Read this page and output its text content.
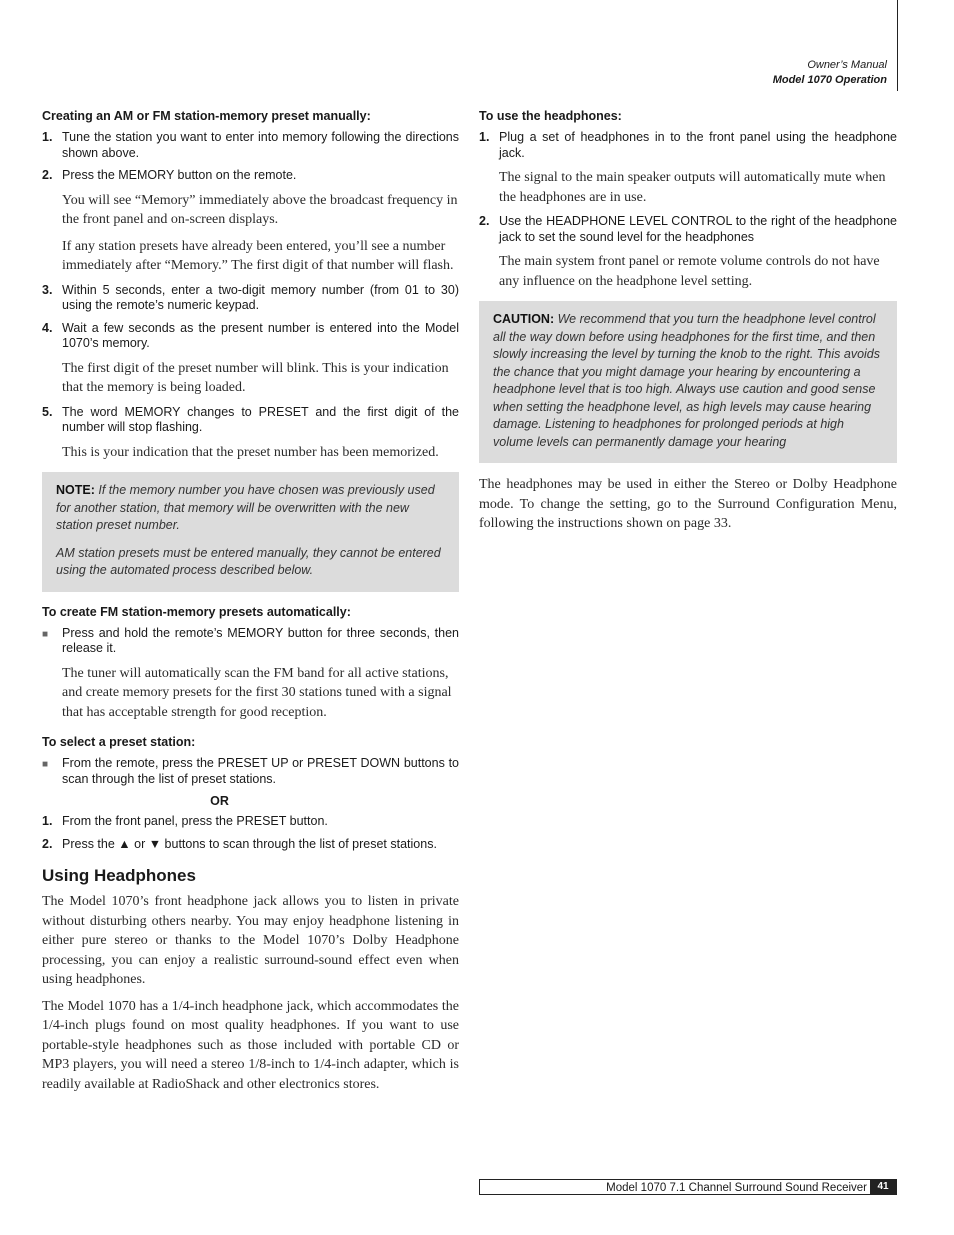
Owner’s Manual
Model 1070 Operation
Creating an AM or FM station-memory preset manually:
1. Tune the station you want to enter into memory following the directions shown above.
2. Press the MEMORY button on the remote.
You will see “Memory” immediately above the broadcast frequency in the front panel and on-screen displays.
If any station presets have already been entered, you’ll see a number immediately after “Memory.” The first digit of that number will flash.
3. Within 5 seconds, enter a two-digit memory number (from 01 to 30) using the remote’s numeric keypad.
4. Wait a few seconds as the present number is entered into the Model 1070’s memory.
The first digit of the preset number will blink. This is your indication that the memory is being loaded.
5. The word MEMORY changes to PRESET and the first digit of the number will stop flashing.
This is your indication that the preset number has been memorized.

NOTE: If the memory number you have chosen was previously used for another station, that memory will be overwritten with the new station preset number.

AM station presets must be entered manually, they cannot be entered using the automated process described below.

To create FM station-memory presets automatically:
■	Press and hold the remote’s MEMORY button for three seconds, then release it.
The tuner will automatically scan the FM band for all active stations, and create memory presets for the first 30 stations tuned with a signal that has acceptable strength for good reception.
To select a preset station:
■	From the remote, press the PRESET UP or PRESET DOWN buttons to scan through the list of preset stations.
OR
1. From the front panel, press the PRESET button.
2. Press the ▲ or ▼ buttons to scan through the list of preset stations.
Using Headphones
The Model 1070’s front headphone jack allows you to listen in private without disturbing others nearby. You may enjoy headphone listening in either pure stereo or thanks to the Model 1070’s Dolby Headphone processing, you can enjoy a realistic surround-sound effect even when using headphones.
The Model 1070 has a 1/4-inch headphone jack, which accommodates the 1/4-inch plugs found on most quality headphones. If you want to use portable-style headphones such as those included with portable CD or MP3 players, you will need a stereo 1/8-inch to 1/4-inch adapter, which is readily available at RadioShack and other electronics stores.
To use the headphones:
1. Plug a set of headphones in to the front panel using the headphone jack.
The signal to the main speaker outputs will automatically mute when the headphones are in use.
2. Use the HEADPHONE LEVEL CONTROL to the right of the headphone jack to set the sound level for the headphones
The main system front panel or remote volume controls do not have any influence on the headphone level setting.

CAUTION: We recommend that you turn the headphone level control all the way down before using headphones for the first time, and then slowly increasing the level by turning the knob to the right. This avoids the chance that you might damage your hearing by encountering a headphone level that is too high. Always use caution and good sense when setting the headphone level, as high levels may cause hearing damage. Listening to headphones for prolonged periods at high volume levels can permanently damage your hearing

The headphones may be used in either the Stereo or Dolby Headphone mode. To change the setting, go to the Surround Configuration Menu, following the instructions shown on page 33.
Model 1070 7.1 Channel Surround Sound Receiver	41
